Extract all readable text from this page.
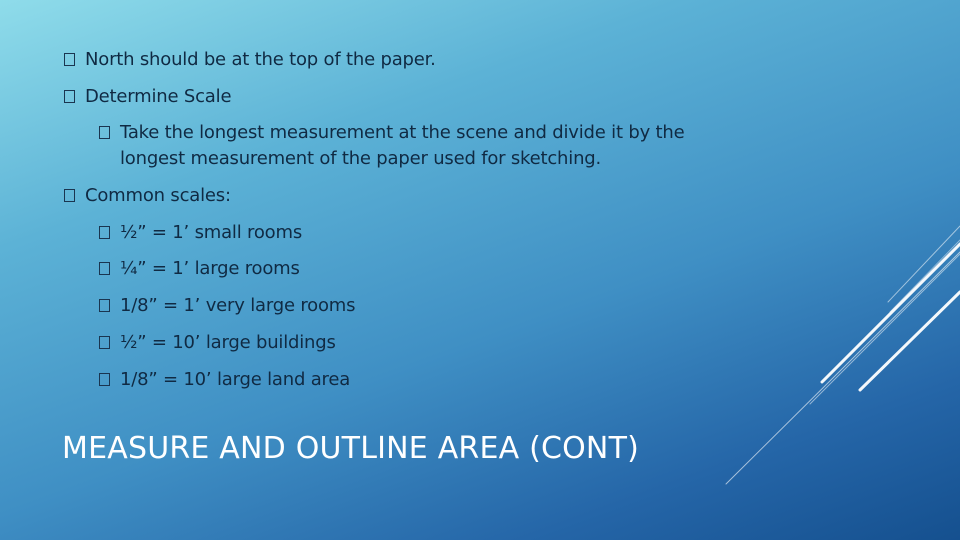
North should be at the top of the paper.

Determine Scale

Take the longest measurement at the scene and divide it by the longest measurement of the paper used for sketching.

Common scales:

½” = 1’ small rooms

¼” = 1’ large rooms

1/8” = 1’ very large rooms

½” = 10’ large buildings

1/8” = 10’ large land area

MEASURE AND OUTLINE AREA (CONT)
